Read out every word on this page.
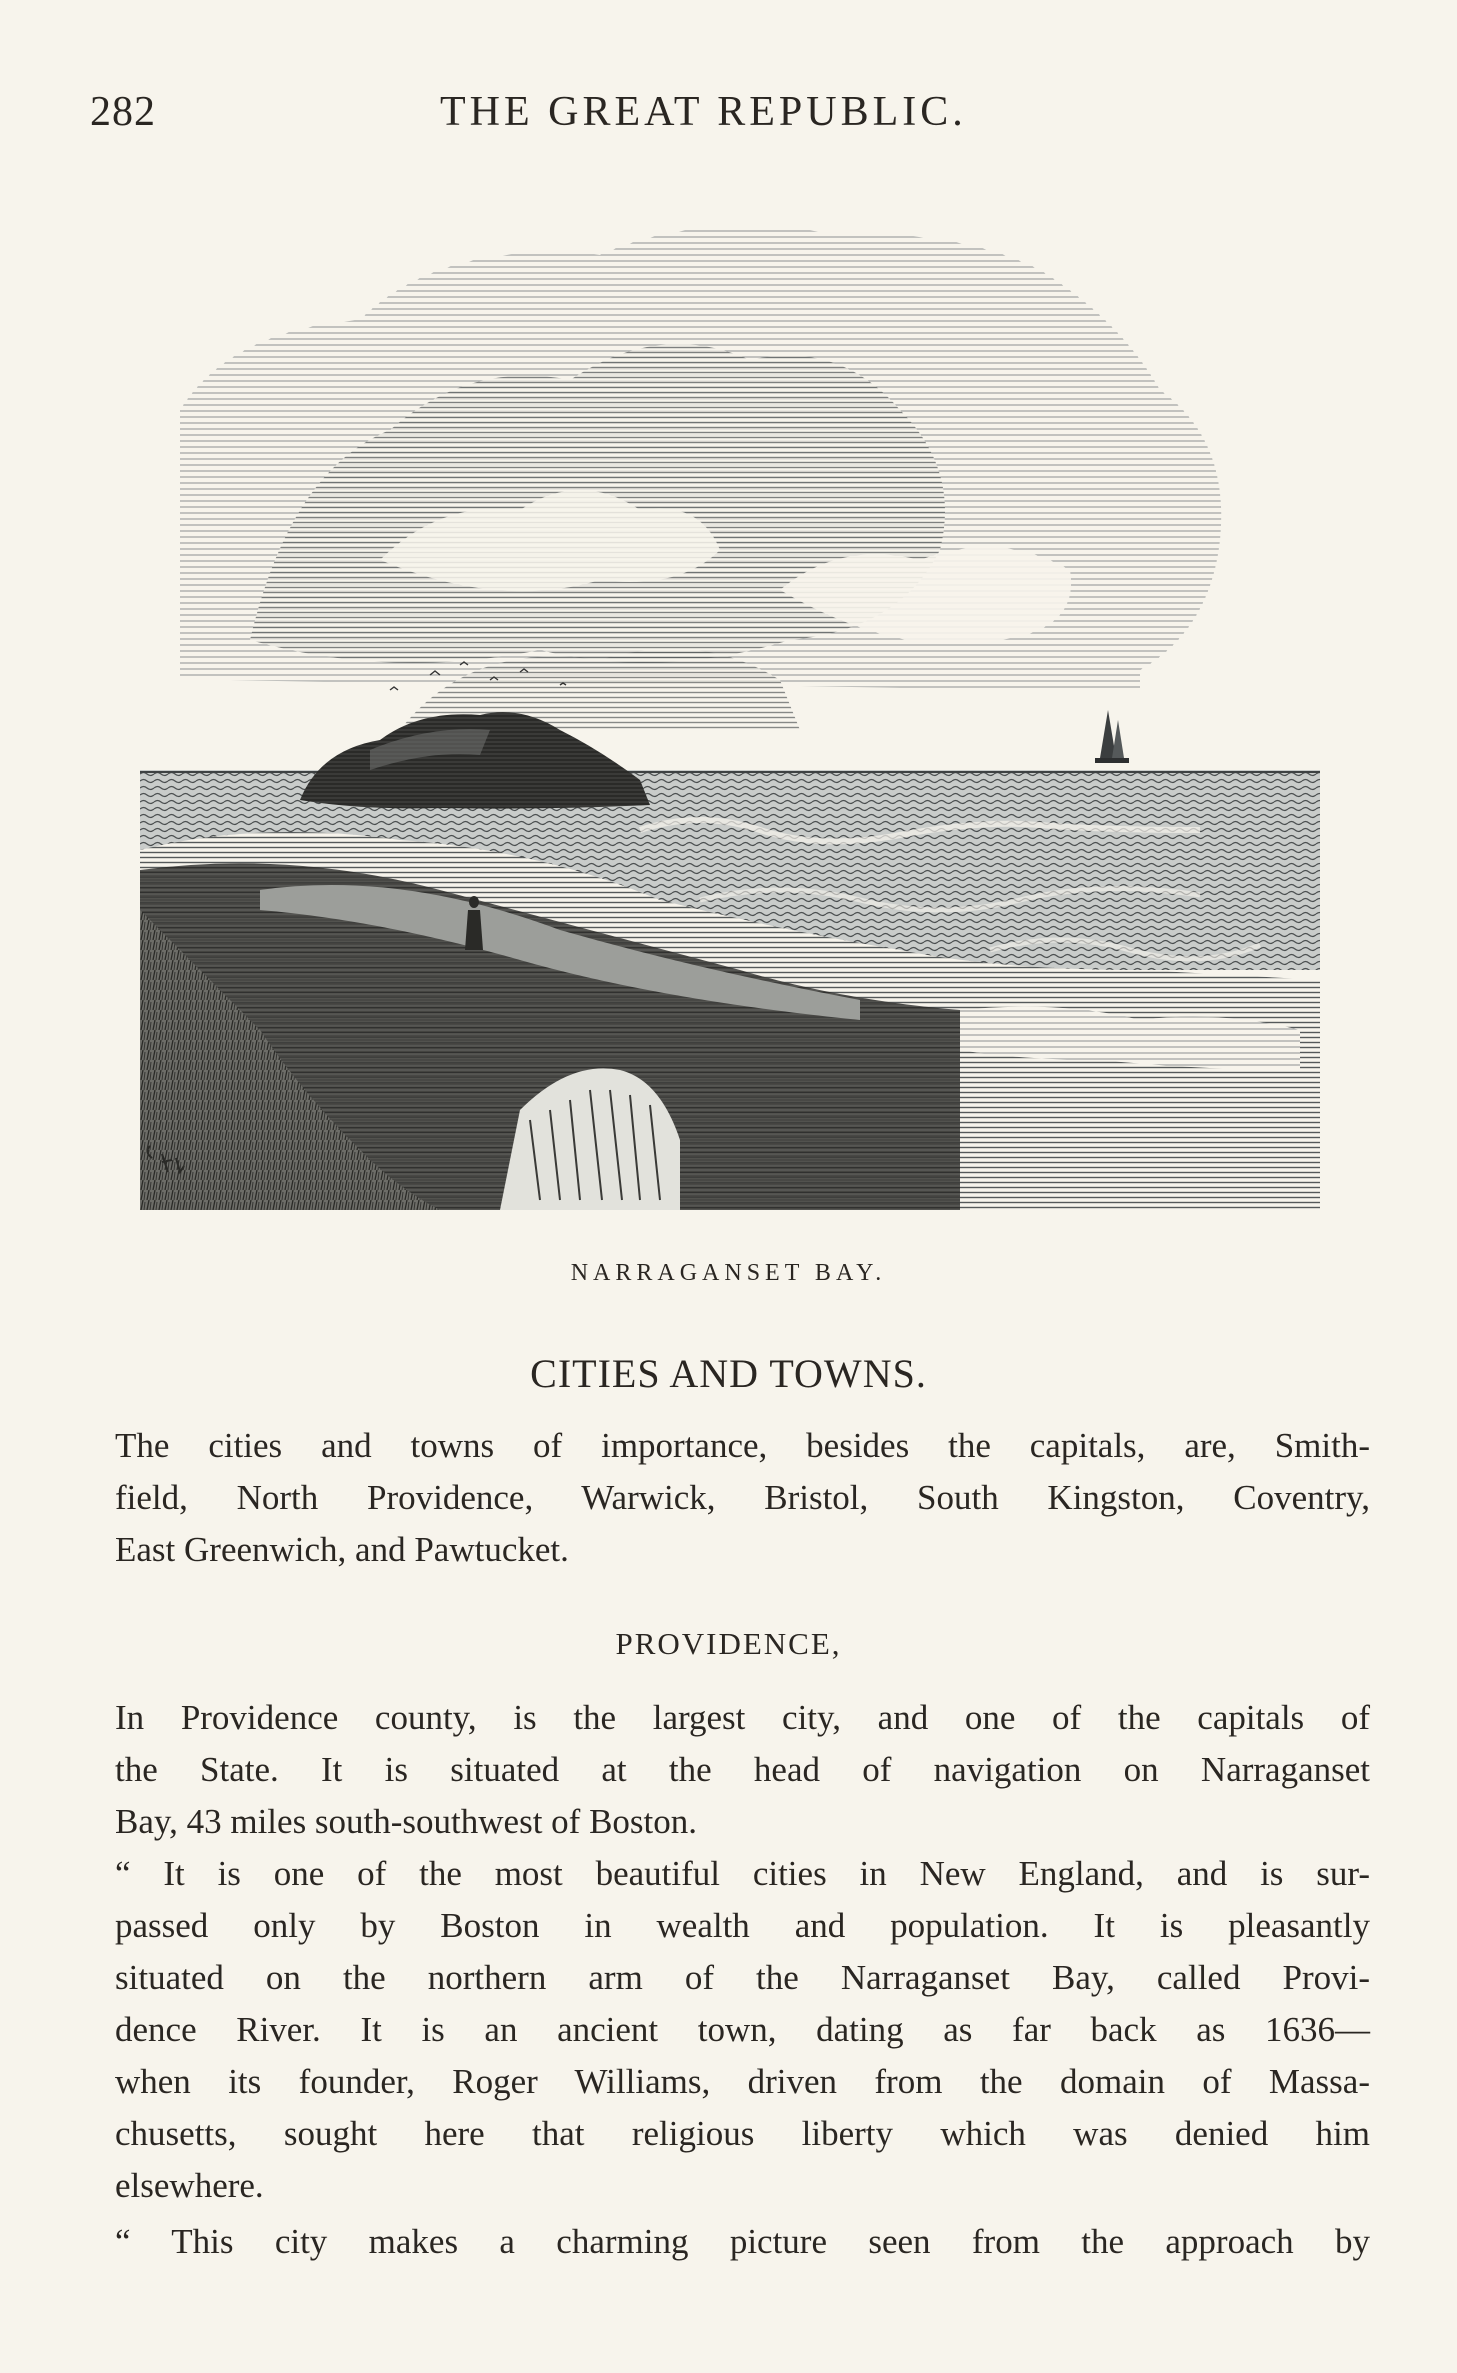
282	THE GREAT REPUBLIC.
NARRAGANSET BAY.
CITIES AND TOWNS.
The cities and towns of importance, besides the capitals, are, Smith-
field, North Providence, Warwick, Bristol, South Kingston, Coventry,
East Greenwich, and Pawtucket.
PROVIDENCE,
In Providence county, is the largest city, and one of the capitals of
the State. It is situated at the head of navigation on Narraganset
Bay, 43 miles south-southwest of Boston.
“ It is one of the most beautiful cities in New England, and is sur-
passed only by Boston in wealth and population. It is pleasantly
situated on the northern arm of the Narraganset Bay, called Provi-
dence River. It is an ancient town, dating as far back as 1636—
when its founder, Roger Williams, driven from the domain of Massa-
chusetts, sought here that religious liberty which was denied him
elsewhere.
“ This city makes a charming picture seen from the approach by
